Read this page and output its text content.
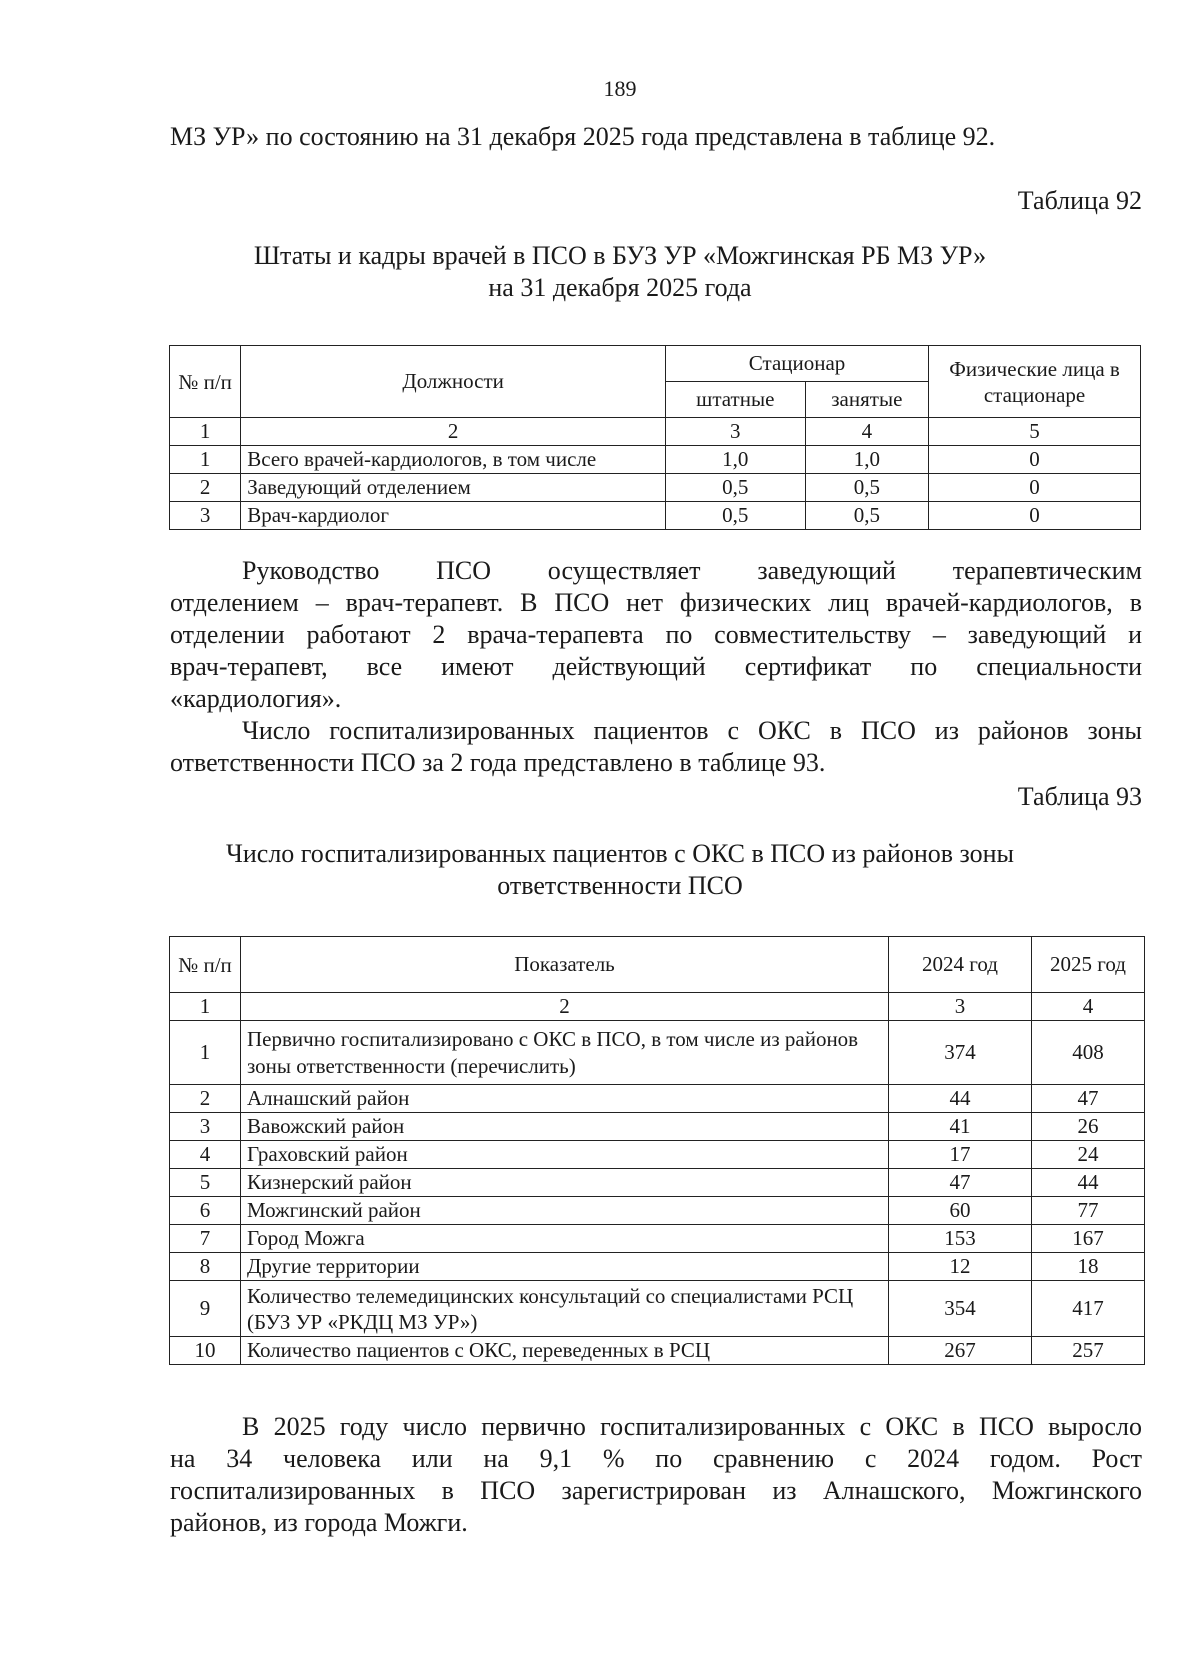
189
МЗ УР» по состоянию на 31 декабря 2025 года представлена в таблице 92.
Таблица 92
Штаты и кадры врачей в ПСО в БУЗ УР «Можгинская РБ МЗ УР»
на 31 декабря 2025 года
№ п/п	Должности	Стационар		Физические лица в стационаре
		штатные	занятые	
1	2	3	4	5
1	Всего врачей-кардиологов, в том числе	1,0	1,0	0
2	Заведующий отделением	0,5	0,5	0
3	Врач-кардиолог	0,5	0,5	0
Руководство ПСО осуществляет заведующий терапевтическим
отделением – врач-терапевт. В ПСО нет физических лиц врачей-кардиологов, в
отделении работают 2 врача-терапевта по совместительству – заведующий и
врач-терапевт, все имеют действующий сертификат по специальности
«кардиология».
Число госпитализированных пациентов с ОКС в ПСО из районов зоны
ответственности ПСО за 2 года представлено в таблице 93.
Таблица 93
Число госпитализированных пациентов с ОКС в ПСО из районов зоны
ответственности ПСО
№ п/п	Показатель	2024 год	2025 год
1	2	3	4
1	Первично госпитализировано с ОКС в ПСО, в том числе из районов зоны ответственности (перечислить)	374	408
2	Алнашский район	44	47
3	Вавожский район	41	26
4	Граховский район	17	24
5	Кизнерский район	47	44
6	Можгинский район	60	77
7	Город Можга	153	167
8	Другие территории	12	18
9	Количество телемедицинских консультаций со специалистами РСЦ (БУЗ УР «РКДЦ МЗ УР»)	354	417
10	Количество пациентов с ОКС, переведенных в РСЦ	267	257
В 2025 году число первично госпитализированных с ОКС в ПСО выросло
на 34 человека или на 9,1 % по сравнению с 2024 годом. Рост
госпитализированных в ПСО зарегистрирован из Алнашского, Можгинского
районов, из города Можги.
